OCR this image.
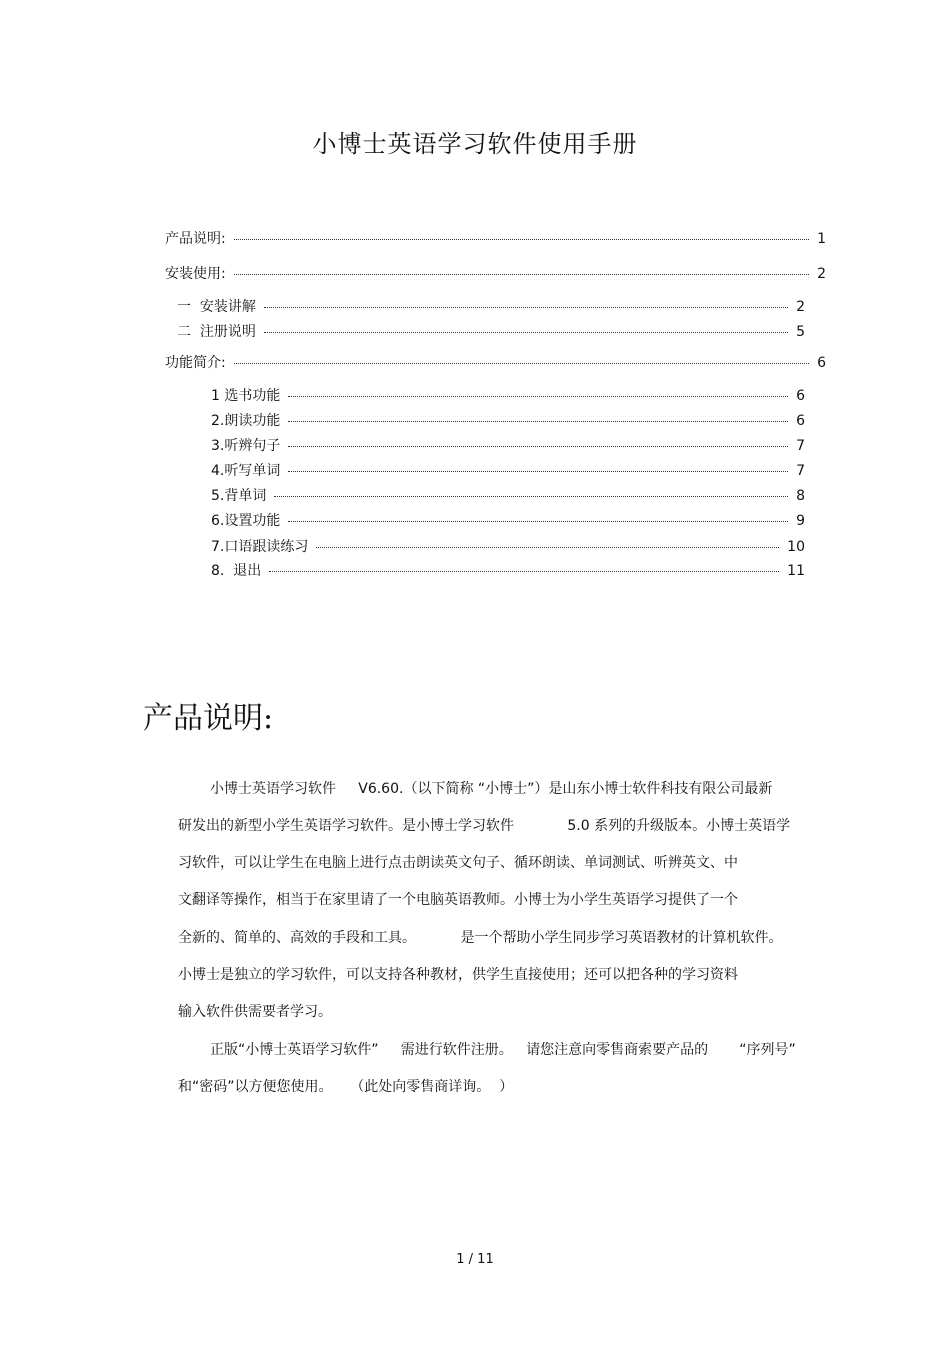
小博士英语学习软件使用手册
产品说明:	1
安装使用:	2
一  安装讲解	2
二  注册说明	5
功能简介:	6
1 选书功能	6
2.朗读功能	6
3.听辨句子	7
4.听写单词	7
5.背单词	8
6.设置功能	9
7.口语跟读练习	10
8.  退出	11
产品说明:
小博士英语学习软件     V6.60.（以下简称 “小博士”）是山东小博士软件科技有限公司最新
研发出的新型小学生英语学习软件。是小博士学习软件            5.0 系列的升级版本。小博士英语学
习软件，可以让学生在电脑上进行点击朗读英文句子、循环朗读、单词测试、听辨英文、中
文翻译等操作，相当于在家里请了一个电脑英语教师。小博士为小学生英语学习提供了一个
全新的、简单的、高效的手段和工具。          是一个帮助小学生同步学习英语教材的计算机软件。
小博士是独立的学习软件，可以支持各种教材，供学生直接使用；还可以把各种的学习资料
输入软件供需要者学习。
正版“小博士英语学习软件”     需进行软件注册。   请您注意向零售商索要产品的       “序列号”
和“密码”以方便您使用。    （此处向零售商详询。  ）
1 / 11
